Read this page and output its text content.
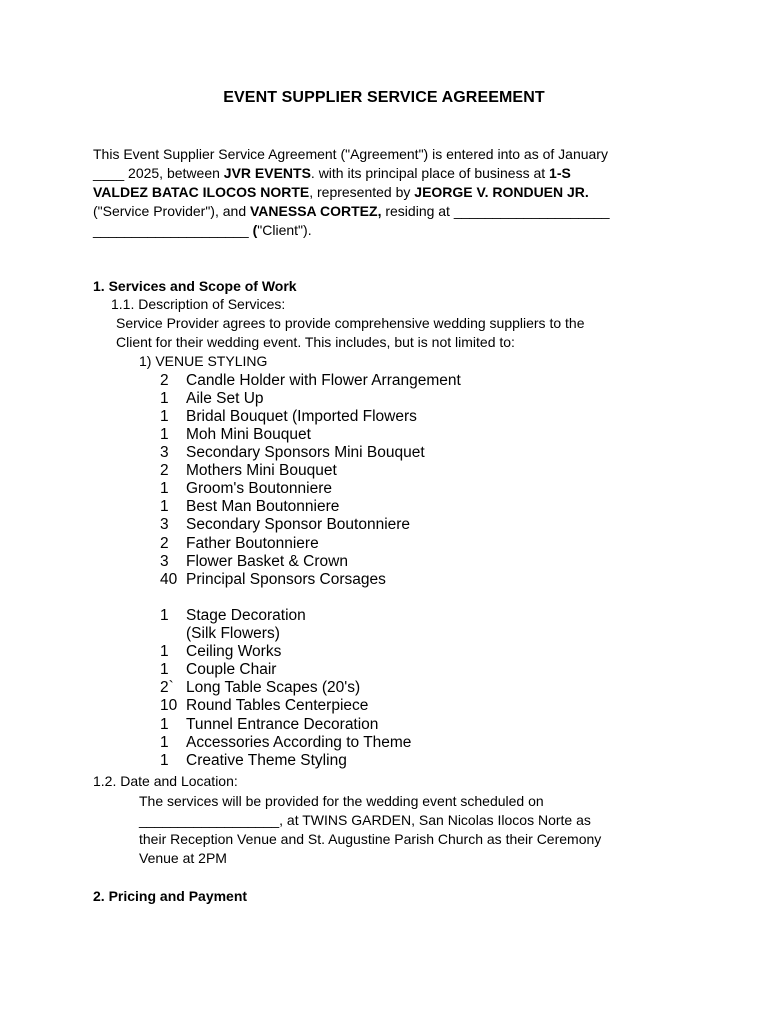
EVENT SUPPLIER SERVICE AGREEMENT
This Event Supplier Service Agreement ("Agreement") is entered into as of January
____ 2025, between JVR EVENTS. with its principal place of business at 1-S
VALDEZ BATAC ILOCOS NORTE, represented by JEORGE V. RONDUEN JR.
("Service Provider"), and VANESSA CORTEZ, residing at ____________________
____________________ ("Client").
1. Services and Scope of Work
1.1. Description of Services:
Service Provider agrees to provide comprehensive wedding suppliers to the
Client for their wedding event. This includes, but is not limited to:
1) VENUE STYLING
2 Candle Holder with Flower Arrangement
1 Aile Set Up
1 Bridal Bouquet (Imported Flowers
1 Moh Mini Bouquet
3 Secondary Sponsors Mini Bouquet
2 Mothers Mini Bouquet
1 Groom's Boutonniere
1 Best Man Boutonniere
3 Secondary Sponsor Boutonniere
2 Father Boutonniere
3 Flower Basket & Crown
40 Principal Sponsors Corsages
1 Stage Decoration
(Silk Flowers)
1 Ceiling Works
1 Couple Chair
2` Long Table Scapes (20's)
10 Round Tables Centerpiece
1 Tunnel Entrance Decoration
1 Accessories According to Theme
1 Creative Theme Styling
1.2. Date and Location:
The services will be provided for the wedding event scheduled on
__________________, at TWINS GARDEN, San Nicolas Ilocos Norte as
their Reception Venue and St. Augustine Parish Church as their Ceremony
Venue at 2PM
2. Pricing and Payment
